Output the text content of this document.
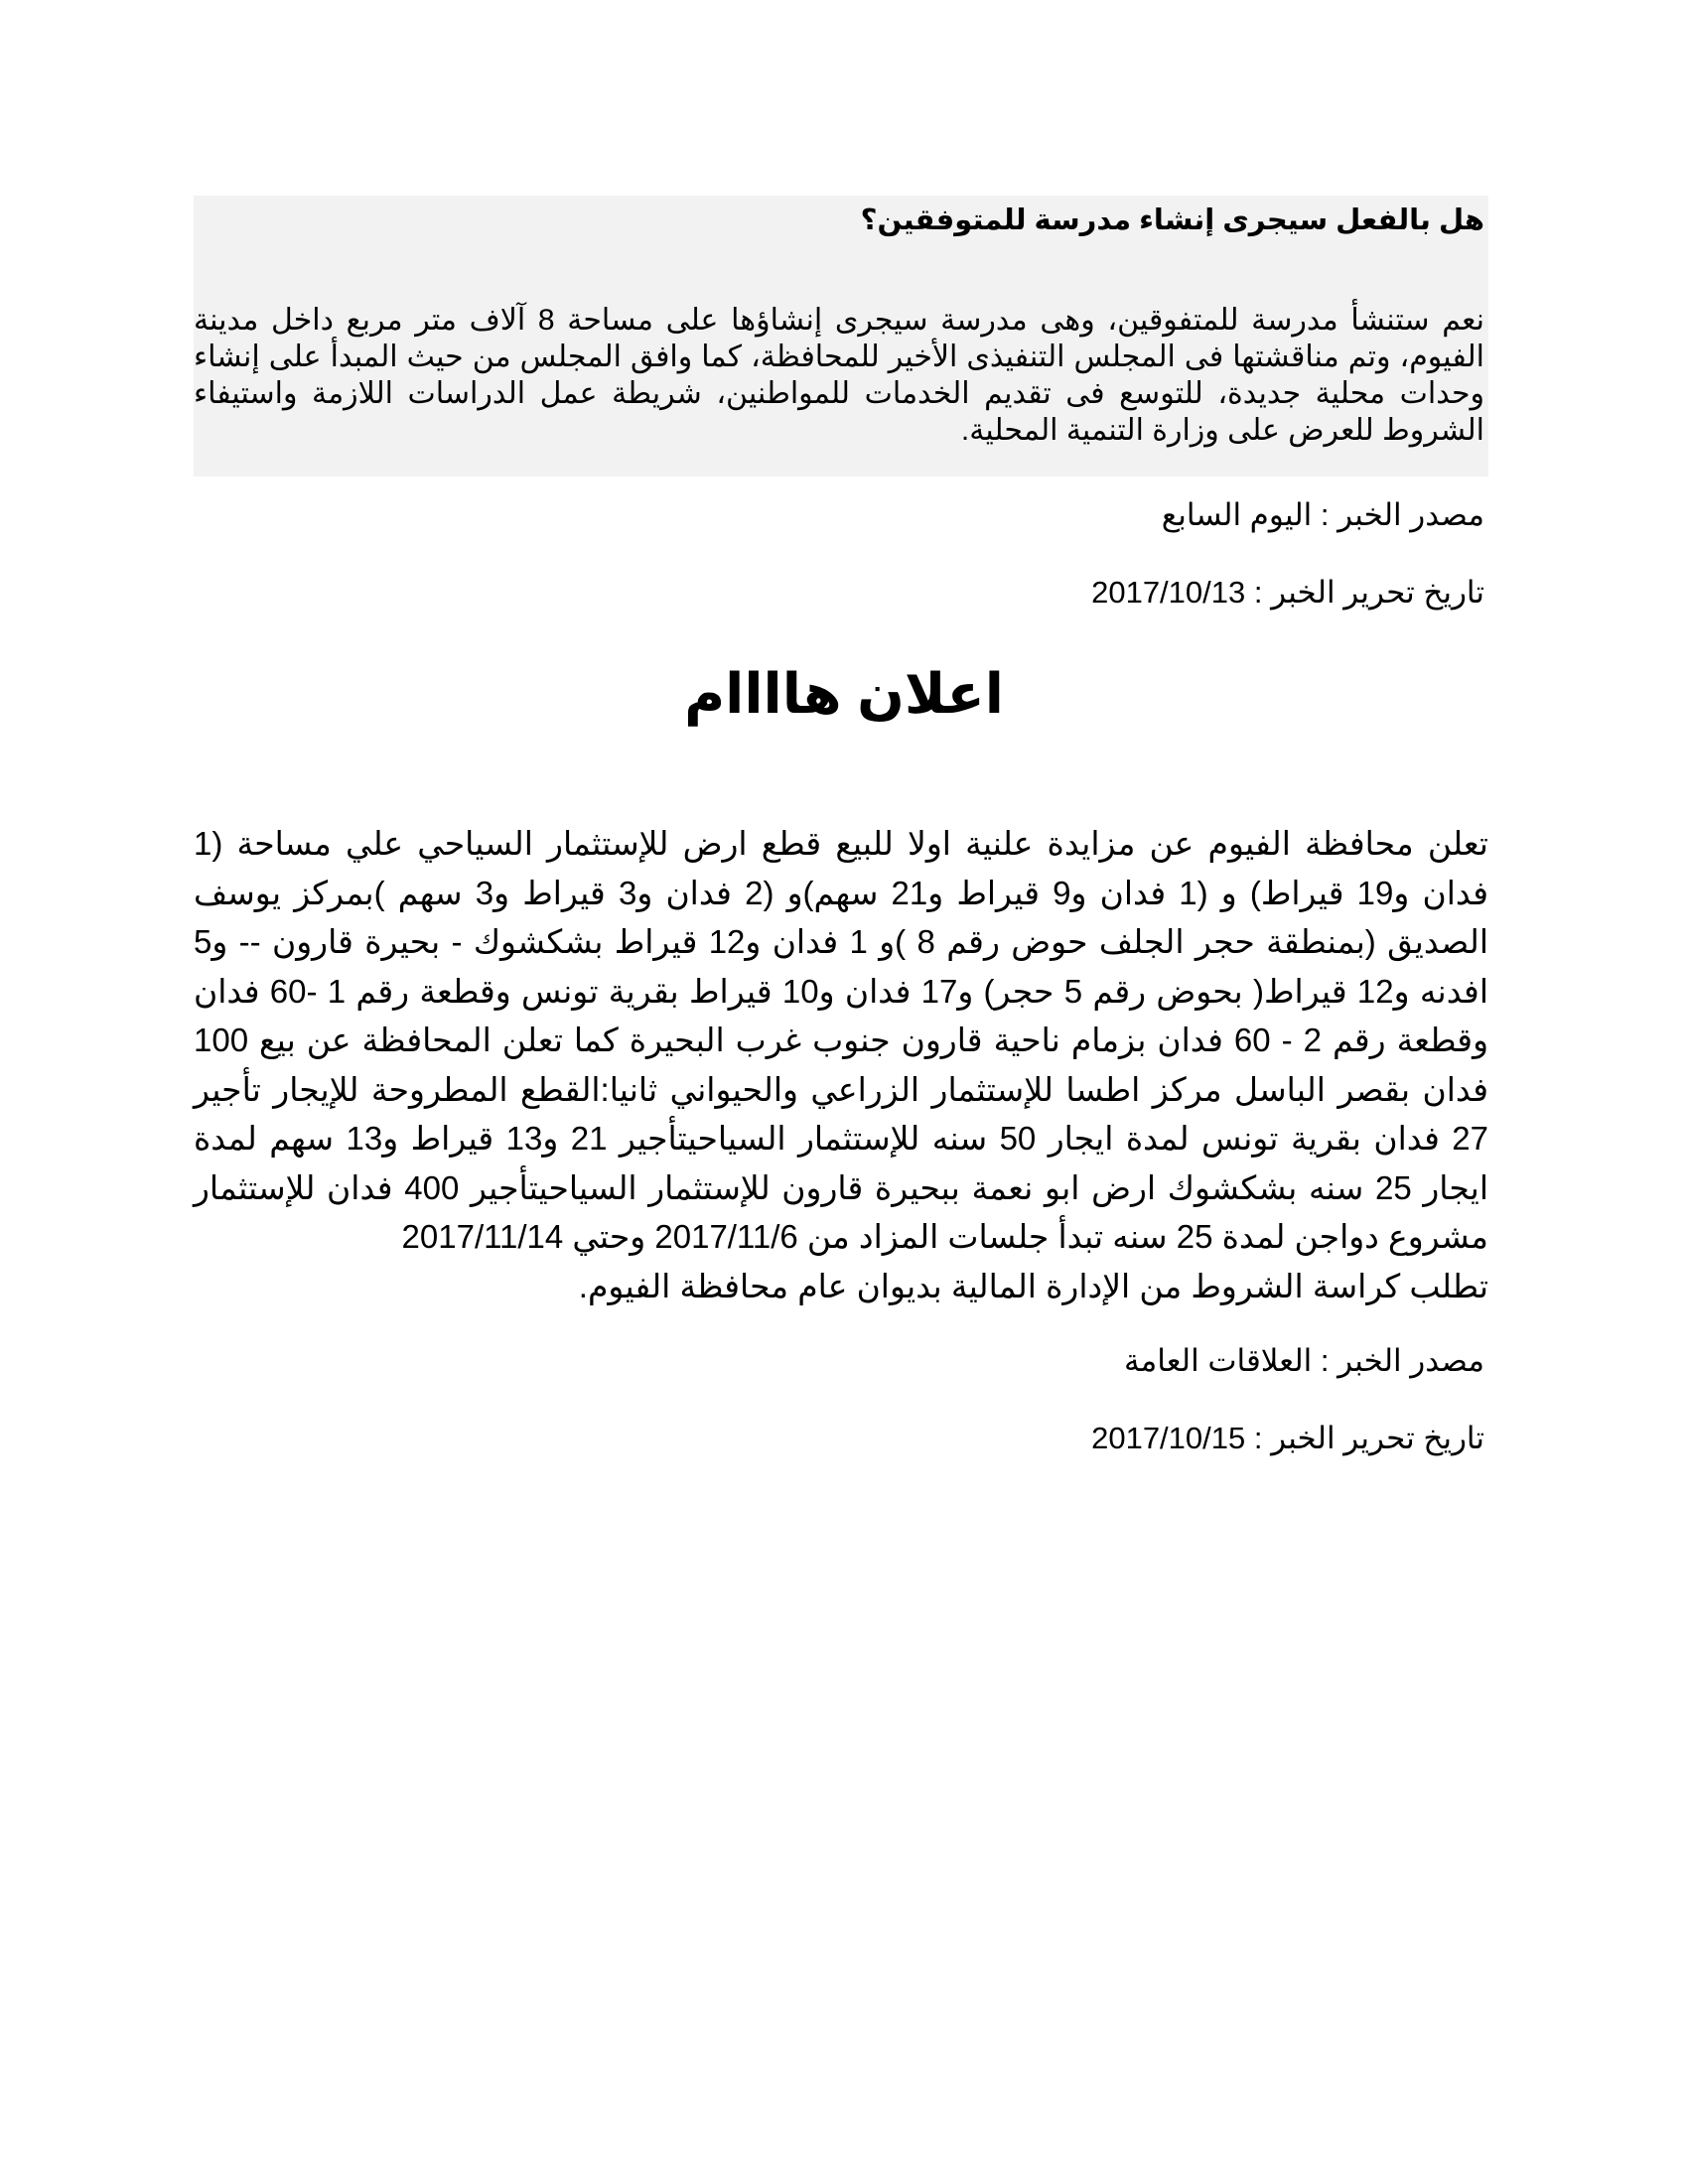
هل بالفعل سيجرى إنشاء مدرسة للمتوفقين؟
نعم ستنشأ مدرسة للمتفوقين، وهى مدرسة سيجرى إنشاؤها على مساحة 8 آلاف متر مربع داخل مدينة الفيوم، وتم مناقشتها فى المجلس التنفيذى الأخير للمحافظة، كما وافق المجلس من حيث المبدأ على إنشاء وحدات محلية جديدة، للتوسع فى تقديم الخدمات للمواطنين، شريطة عمل الدراسات اللازمة واستيفاء الشروط للعرض على وزارة التنمية المحلية.
مصدر الخبر : اليوم السابع
تاريخ تحرير الخبر : 2017/10/13
اعلان هاااام
تعلن محافظة الفيوم عن مزايدة علنية اولا للبيع قطع ارض للإستثمار السياحي علي مساحة (1 فدان و19 قيراط) و (1 فدان و9 قيراط و21 سهم)و (2 فدان و3 قيراط و3 سهم )بمركز يوسف الصديق (بمنطقة حجر الجلف حوض رقم 8 )و 1 فدان و12 قيراط بشكشوك - بحيرة قارون -- و5 افدنه و12 قيراط( بحوض رقم 5 حجر) و17 فدان و10 قيراط بقرية تونس وقطعة رقم 1 -60 فدان وقطعة رقم 2 - 60 فدان بزمام ناحية قارون جنوب غرب البحيرة كما تعلن المحافظة عن بيع 100 فدان بقصر الباسل مركز اطسا للإستثمار الزراعي والحيواني ثانيا:القطع المطروحة للإيجار تأجير 27 فدان بقرية تونس لمدة ايجار 50 سنه للإستثمار السياحيتأجير 21 و13 قيراط و13 سهم لمدة ايجار 25 سنه بشكشوك ارض ابو نعمة ببحيرة قارون للإستثمار السياحيتأجير 400 فدان للإستثمار مشروع دواجن لمدة 25 سنه تبدأ جلسات المزاد من 2017/11/6 وحتي 2017/11/14
تطلب كراسة الشروط من الإدارة المالية بديوان عام محافظة الفيوم.
مصدر الخبر : العلاقات العامة
تاريخ تحرير الخبر : 2017/10/15
